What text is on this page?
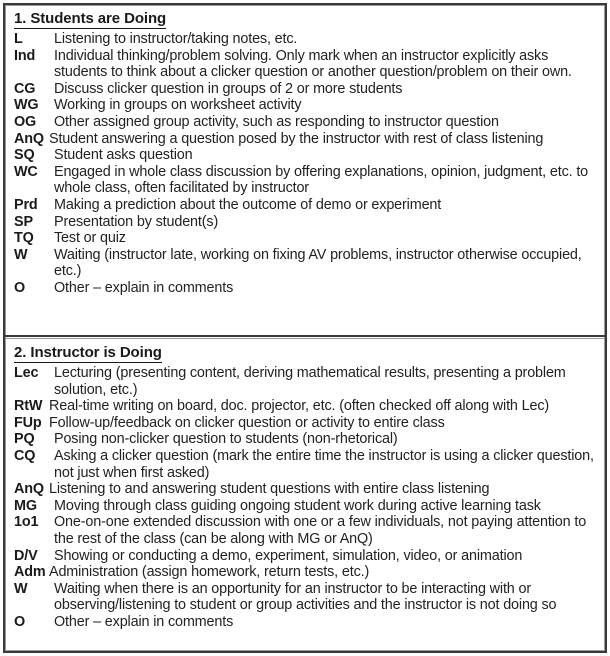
1. Students are Doing
L	Listening to instructor/taking notes, etc.
Ind	Individual thinking/problem solving. Only mark when an instructor explicitly asks students to think about a clicker question or another question/problem on their own.
CG	Discuss clicker question in groups of 2 or more students
WG	Working in groups on worksheet activity
OG	Other assigned group activity, such as responding to instructor question
AnQ Student answering a question posed by the instructor with rest of class listening
SQ	Student asks question
WC	Engaged in whole class discussion by offering explanations, opinion, judgment, etc. to whole class, often facilitated by instructor
Prd	Making a prediction about the outcome of demo or experiment
SP	Presentation by student(s)
TQ	Test or quiz
W	Waiting (instructor late, working on fixing AV problems, instructor otherwise occupied, etc.)
O	Other – explain in comments
2. Instructor is Doing
Lec	Lecturing (presenting content, deriving mathematical results, presenting a problem solution, etc.)
RtW Real-time writing on board, doc. projector, etc. (often checked off along with Lec)
FUp Follow-up/feedback on clicker question or activity to entire class
PQ	Posing non-clicker question to students (non-rhetorical)
CQ	Asking a clicker question (mark the entire time the instructor is using a clicker question, not just when first asked)
AnQ Listening to and answering student questions with entire class listening
MG	Moving through class guiding ongoing student work during active learning task
1o1	One-on-one extended discussion with one or a few individuals, not paying attention to the rest of the class (can be along with MG or AnQ)
D/V	Showing or conducting a demo, experiment, simulation, video, or animation
Adm Administration (assign homework, return tests, etc.)
W	Waiting when there is an opportunity for an instructor to be interacting with or observing/listening to student or group activities and the instructor is not doing so
O	Other – explain in comments
